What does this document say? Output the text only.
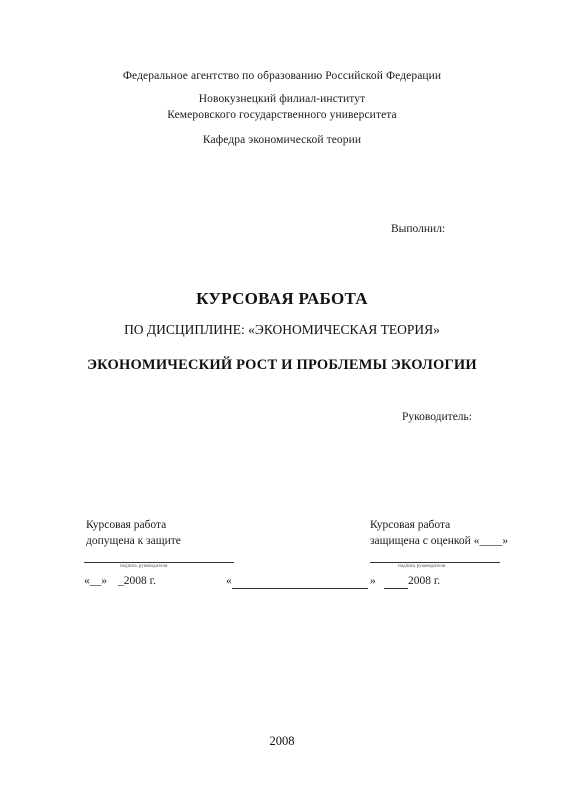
Федеральное агентство по образованию Российской Федерации
Новокузнецкий филиал-институт
Кемеровского государственного университета
Кафедра экономической теории
Выполнил:
КУРСОВАЯ РАБОТА
ПО ДИСЦИПЛИНЕ: «ЭКОНОМИЧЕСКАЯ ТЕОРИЯ»
ЭКОНОМИЧЕСКИЙ РОСТ И ПРОБЛЕМЫ ЭКОЛОГИИ
Руководитель:
Курсовая работа
допущена к защите
подпись руководителя
«__» _2008 г.
Курсовая работа
защищена с оценкой «____»
подпись руководителя
«	»	2008 г.
2008
